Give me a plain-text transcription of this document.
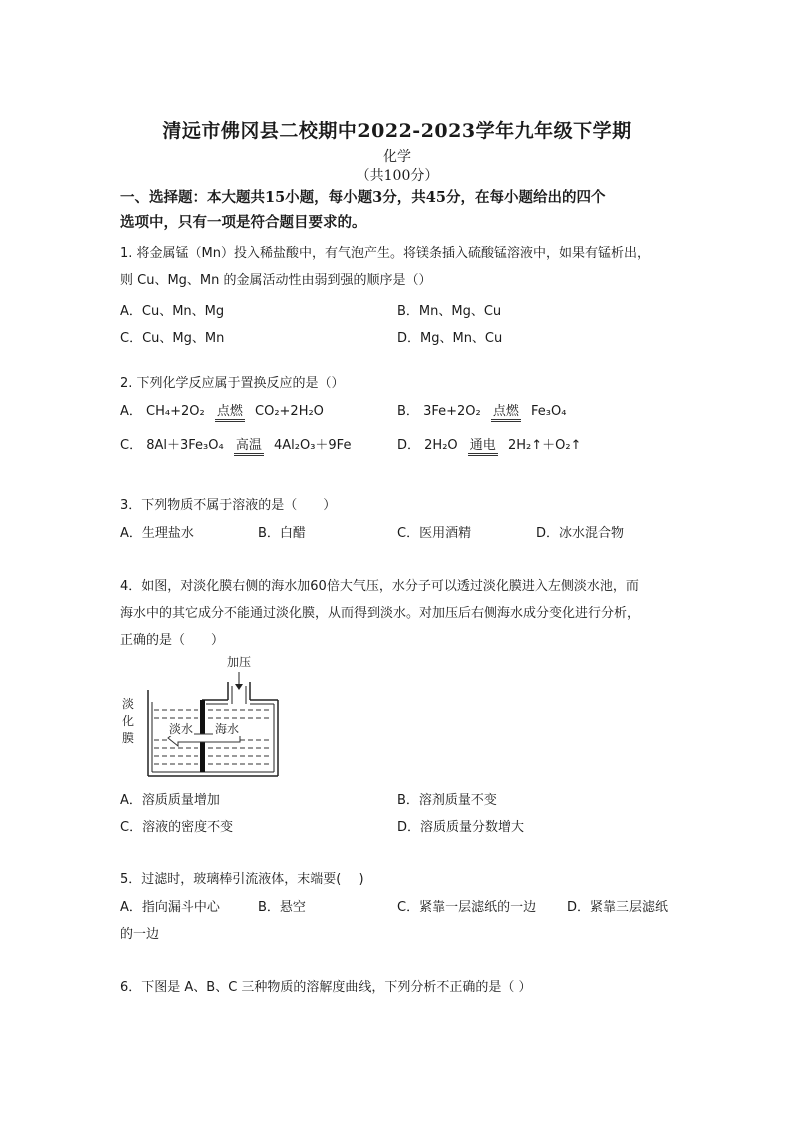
清远市佛冈县二校期中2022-2023学年九年级下学期
化学
（共100分）
一、选择题：本大题共15小题，每小题3分，共45分，在每小题给出的四个
选项中，只有一项是符合题目要求的。
1. 将金属锰（Mn）投入稀盐酸中，有气泡产生。将镁条插入硫酸锰溶液中，如果有锰析出，
则 Cu、Mg、Mn 的金属活动性由弱到强的顺序是（）
A．Cu、Mn、Mg	B．Mn、Mg、Cu
C．Cu、Mg、Mn	D．Mg、Mn、Cu
2. 下列化学反应属于置换反应的是（）
A． CH₄+2O₂ 点燃 CO₂+2H₂O	B． 3Fe+2O₂ 点燃 Fe₃O₄
C． 8Al＋3Fe₃O₄ 高温 4Al₂O₃＋9Fe	D． 2H₂O 通电 2H₂↑＋O₂↑
3．下列物质不属于溶液的是（　　）
A．生理盐水	B．白醋	C．医用酒精	D．冰水混合物
4．如图，对淡化膜右侧的海水加60倍大气压，水分子可以透过淡化膜进入左侧淡水池，而
海水中的其它成分不能通过淡化膜，从而得到淡水。对加压后右侧海水成分变化进行分析，
正确的是（　　）
加压
淡
化
膜
淡水 海水
A．溶质质量增加	B．溶剂质量不变
C．溶液的密度不变	D．溶质质量分数增大
5．过滤时，玻璃棒引流液体，末端要(　 )
A．指向漏斗中心	B．悬空	C．紧靠一层滤纸的一边 D．紧靠三层滤纸
的一边
6．下图是 A、B、C 三种物质的溶解度曲线，下列分析不正确的是（ ）
